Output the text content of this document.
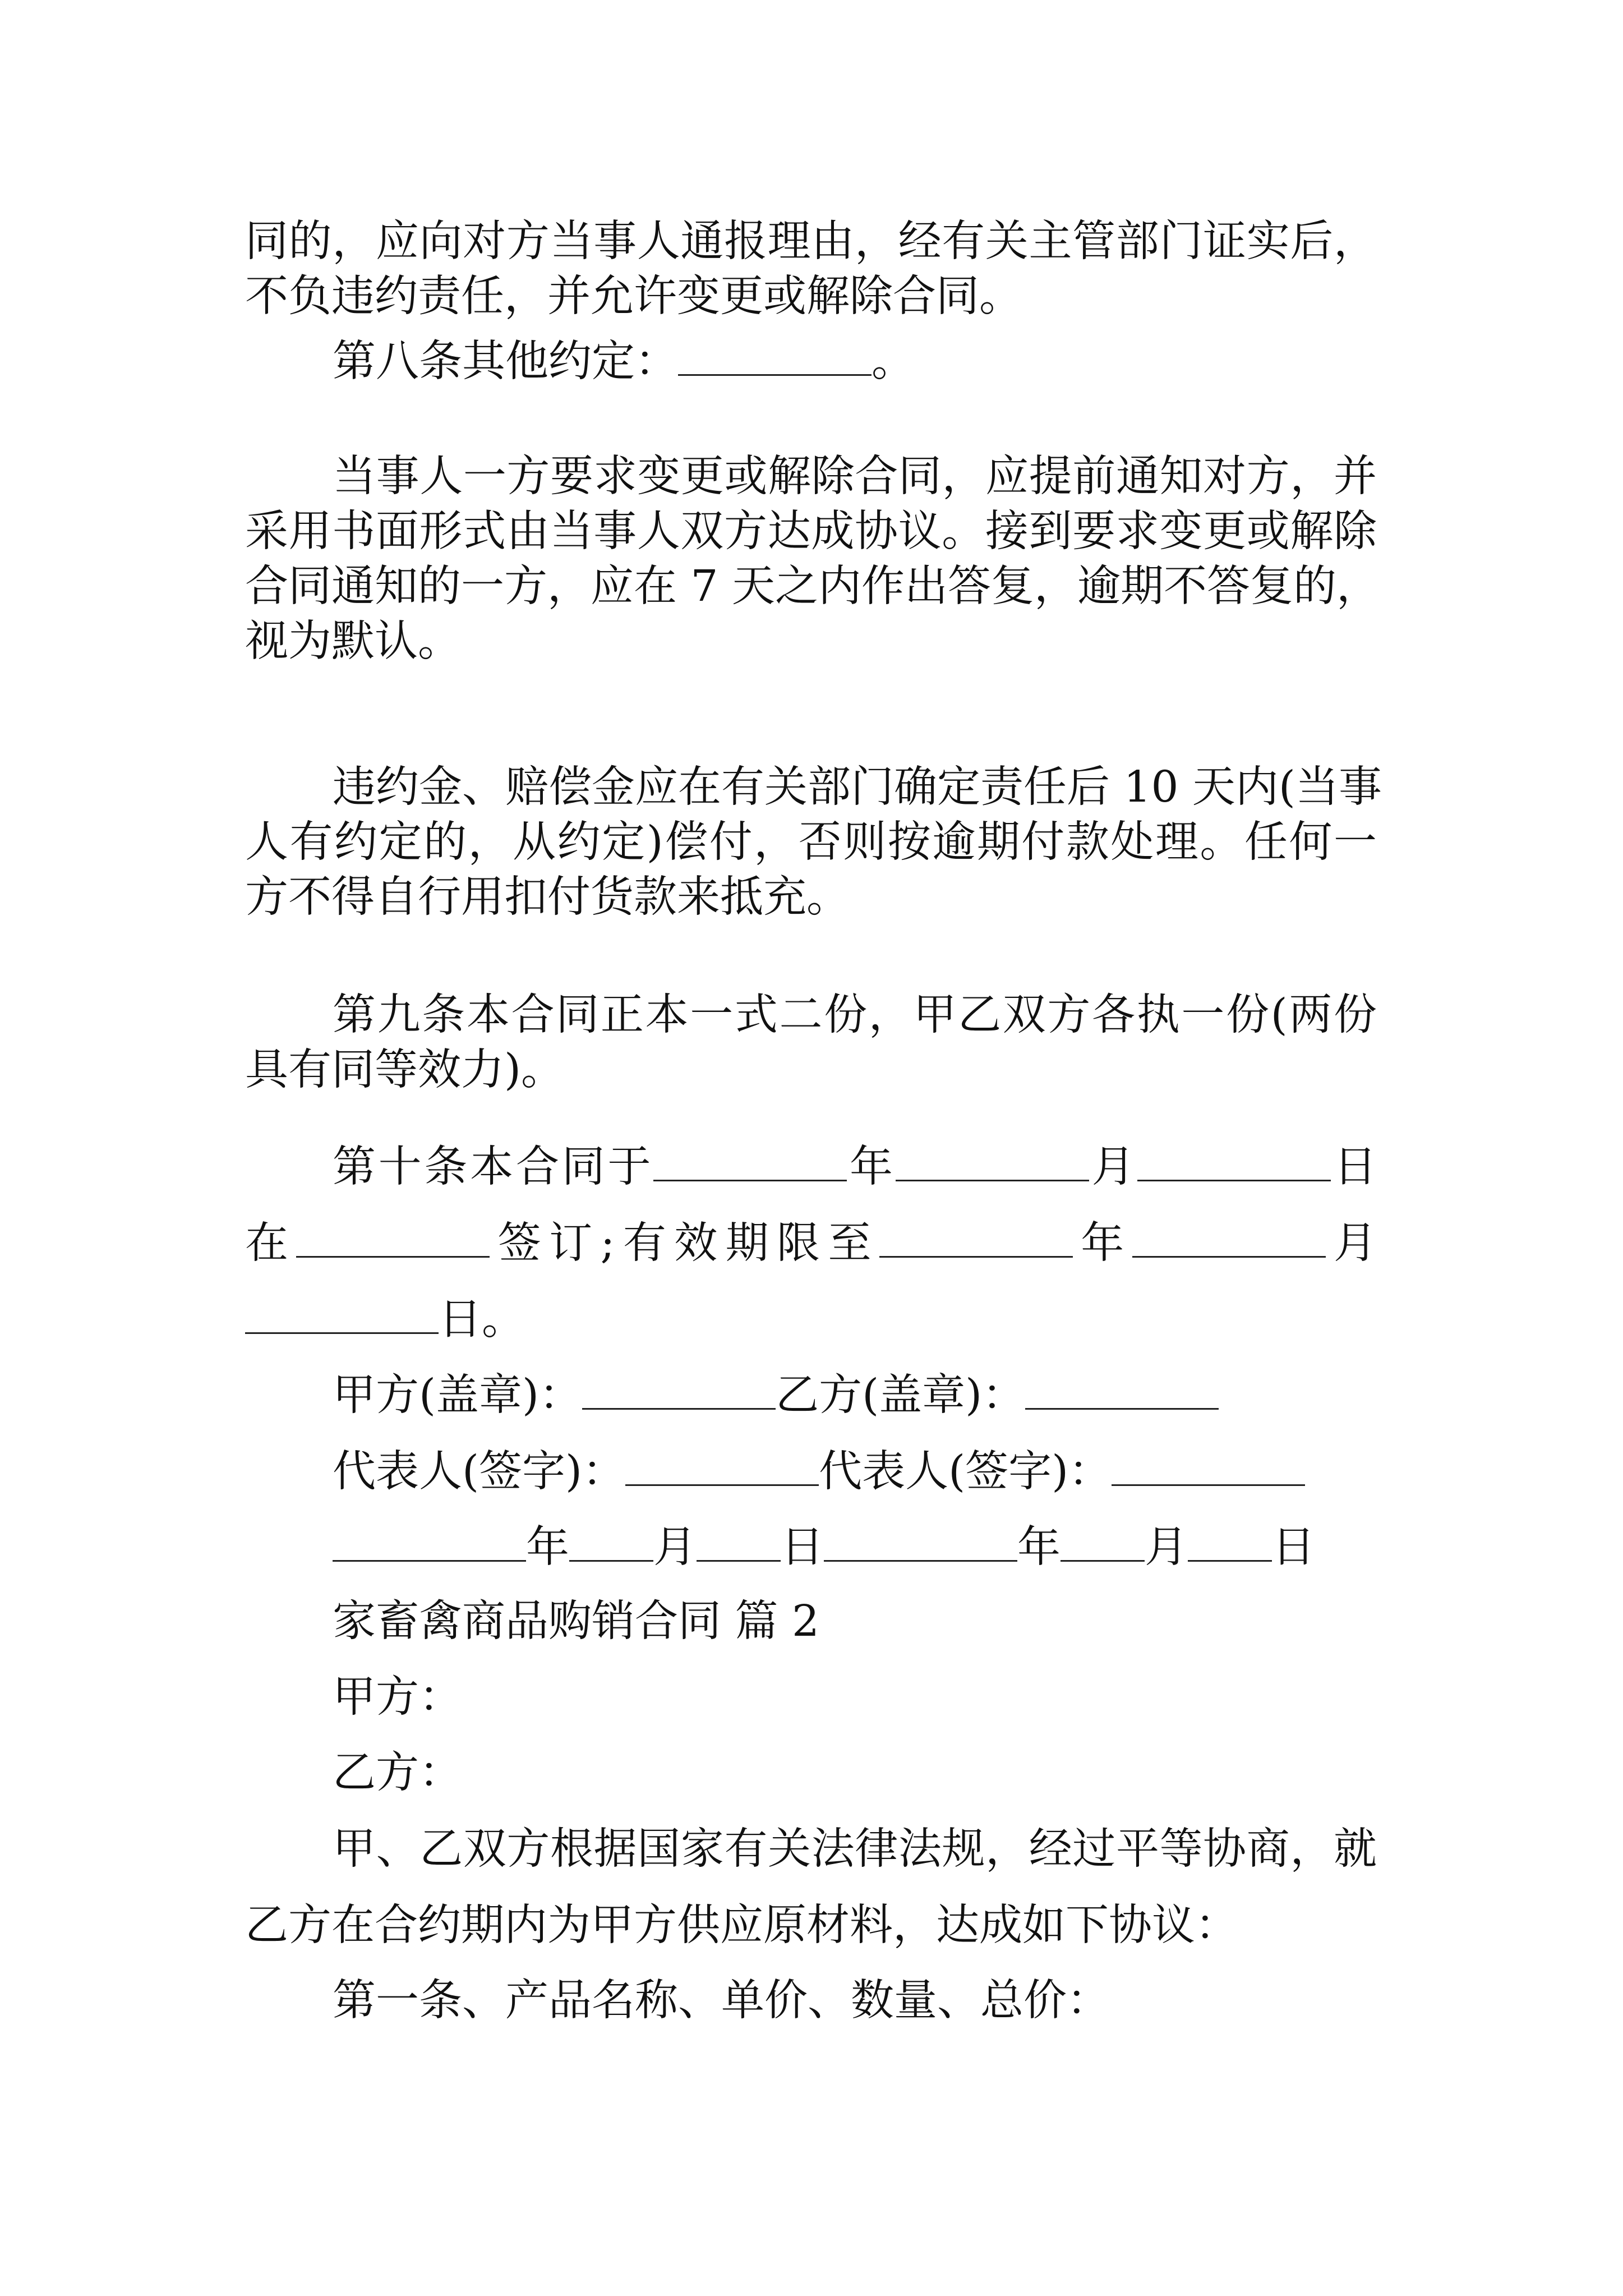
同的，应向对方当事人通报理由，经有关主管部门证实后，
不负违约责任，并允许变更或解除合同。
第八条其他约定：	。
当事人一方要求变更或解除合同，应提前通知对方，并
采用书面形式由当事人双方达成协议。接到要求变更或解除
合同通知的一方，应在 7 天之内作出答复，逾期不答复的，
视为默认。
违约金、赔偿金应在有关部门确定责任后 10 天内(当事
人有约定的，从约定)偿付，否则按逾期付款处理。任何一
方不得自行用扣付货款来抵充。
第九条本合同正本一式二份，甲乙双方各执一份(两份
具有同等效力)。
第十条本合同于	年	月	日
在	签订;有效期限至	年	月
日。
甲方(盖章)：	乙方(盖章)：
代表人(签字)：	代表人(签字)：
年 月 日	年 月 日
家畜禽商品购销合同 篇 2
甲方：
乙方：
甲、乙双方根据国家有关法律法规，经过平等协商，就
乙方在合约期内为甲方供应原材料，达成如下协议：
第一条、产品名称、单价、数量、总价：
